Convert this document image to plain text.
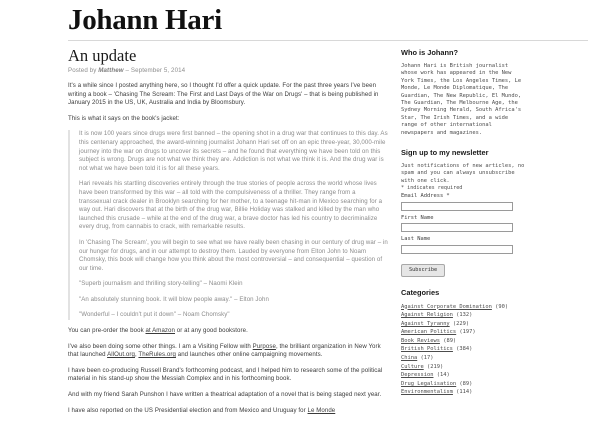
Johann Hari
An update

Posted by Matthew – September 5, 2014

It's a while since I posted anything here, so I thought I'd offer a quick update. For the past three years I've been writing a book – 'Chasing The Scream: The First and Last Days of the War on Drugs' – that is being published in January 2015 in the US, UK, Australia and India by Bloomsbury.

This is what it says on the book's jacket:

It is now 100 years since drugs were first banned – the opening shot in a drug war that continues to this day. As this centenary approached, the award-winning journalist Johann Hari set off on an epic three-year, 30,000-mile journey into the war on drugs to uncover its secrets – and he found that everything we have been told on this subject is wrong. Drugs are not what we think they are. Addiction is not what we think it is. And the drug war is not what we have been told it is for all these years.

Hari reveals his startling discoveries entirely through the true stories of people across the world whose lives have been transformed by this war – all told with the compulsiveness of a thriller. They range from a transsexual crack dealer in Brooklyn searching for her mother, to a teenage hit-man in Mexico searching for a way out. Hari discovers that at the birth of the drug war, Billie Holiday was stalked and killed by the man who launched this crusade – while at the end of the drug war, a brave doctor has led his country to decriminalize every drug, from cannabis to crack, with remarkable results.

In 'Chasing The Scream', you will begin to see what we have really been chasing in our century of drug war – in our hunger for drugs, and in our attempt to destroy them. Lauded by everyone from Elton John to Noam Chomsky, this book will change how you think about the most controversial – and consequential – question of our time.

"Superb journalism and thrilling story-telling" – Naomi Klein

"An absolutely stunning book. It will blow people away." – Elton John

"Wonderful – I couldn't put it down" – Noam Chomsky"

You can pre-order the book at Amazon or at any good bookstore.

I've also been doing some other things. I am a Visiting Fellow with Purpose, the brilliant organization in New York that launched AllOut.org, TheRules.org and launches other online campaigning movements.

I have been co-producing Russell Brand's forthcoming podcast, and I helped him to research some of the political material in his stand-up show the Messiah Complex and in his forthcoming book.

And with my friend Sarah Punshon I have written a theatrical adaptation of a novel that is being staged next year.

I have also reported on the US Presidential election and from Mexico and Uruguay for Le Monde

Who is Johann?

Johann Hari is British journalist whose work has appeared in the New York Times, the Los Angeles Times, Le Monde, Le Monde Diplomatique, The Guardian, The New Republic, El Mundo, The Guardian, The Melbourne Age, the Sydney Morning Herald, South Africa's Star, The Irish Times, and a wide range of other international newspapers and magazines.

Sign up to my newsletter

Just notifications of new articles, no spam and you can always unsubscribe with one click.

* indicates required

Email Address *
First Name
Last Name
Subscribe
Categories
Against Corporate Domination (90)
Against Religion (132)
Against Tyranny (229)
American Politics (197)
Book Reviews (89)
British Politics (384)
China (17)
Culture (219)
Depression (14)
Drug Legalisation (89)
Environmentalism (114)
